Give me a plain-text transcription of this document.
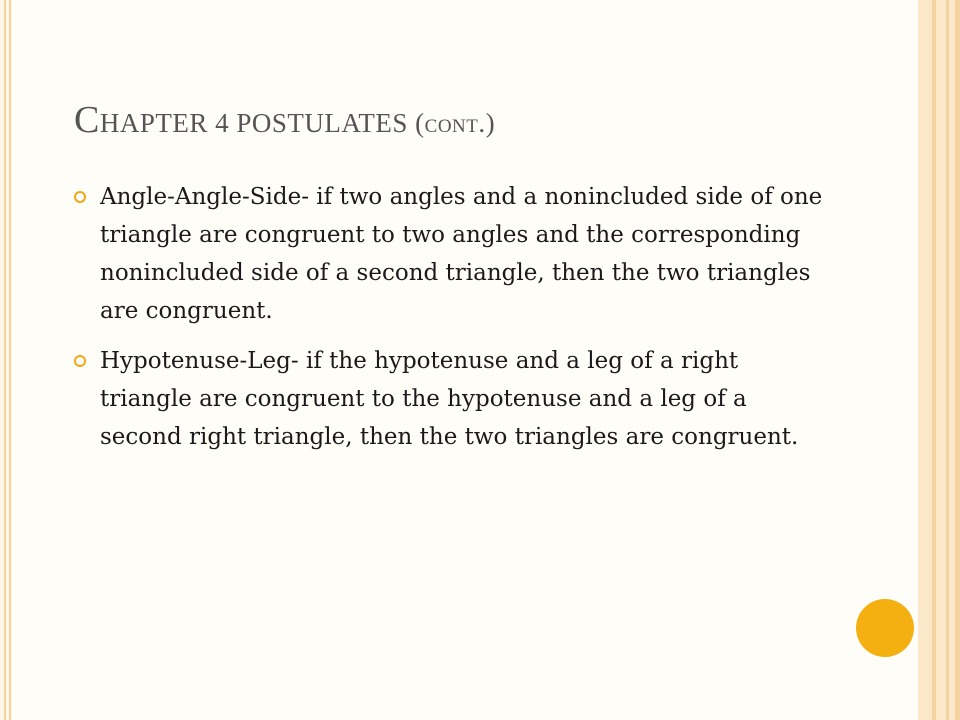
CHAPTER 4 POSTULATES (CONT.)
Angle-Angle-Side- if two angles and a nonincluded side of one triangle are congruent to two angles and the corresponding nonincluded side of a second triangle, then the two triangles are congruent.
Hypotenuse-Leg- if the hypotenuse and a leg of a right triangle are congruent to the hypotenuse and a leg of a second right triangle, then the two triangles are congruent.
